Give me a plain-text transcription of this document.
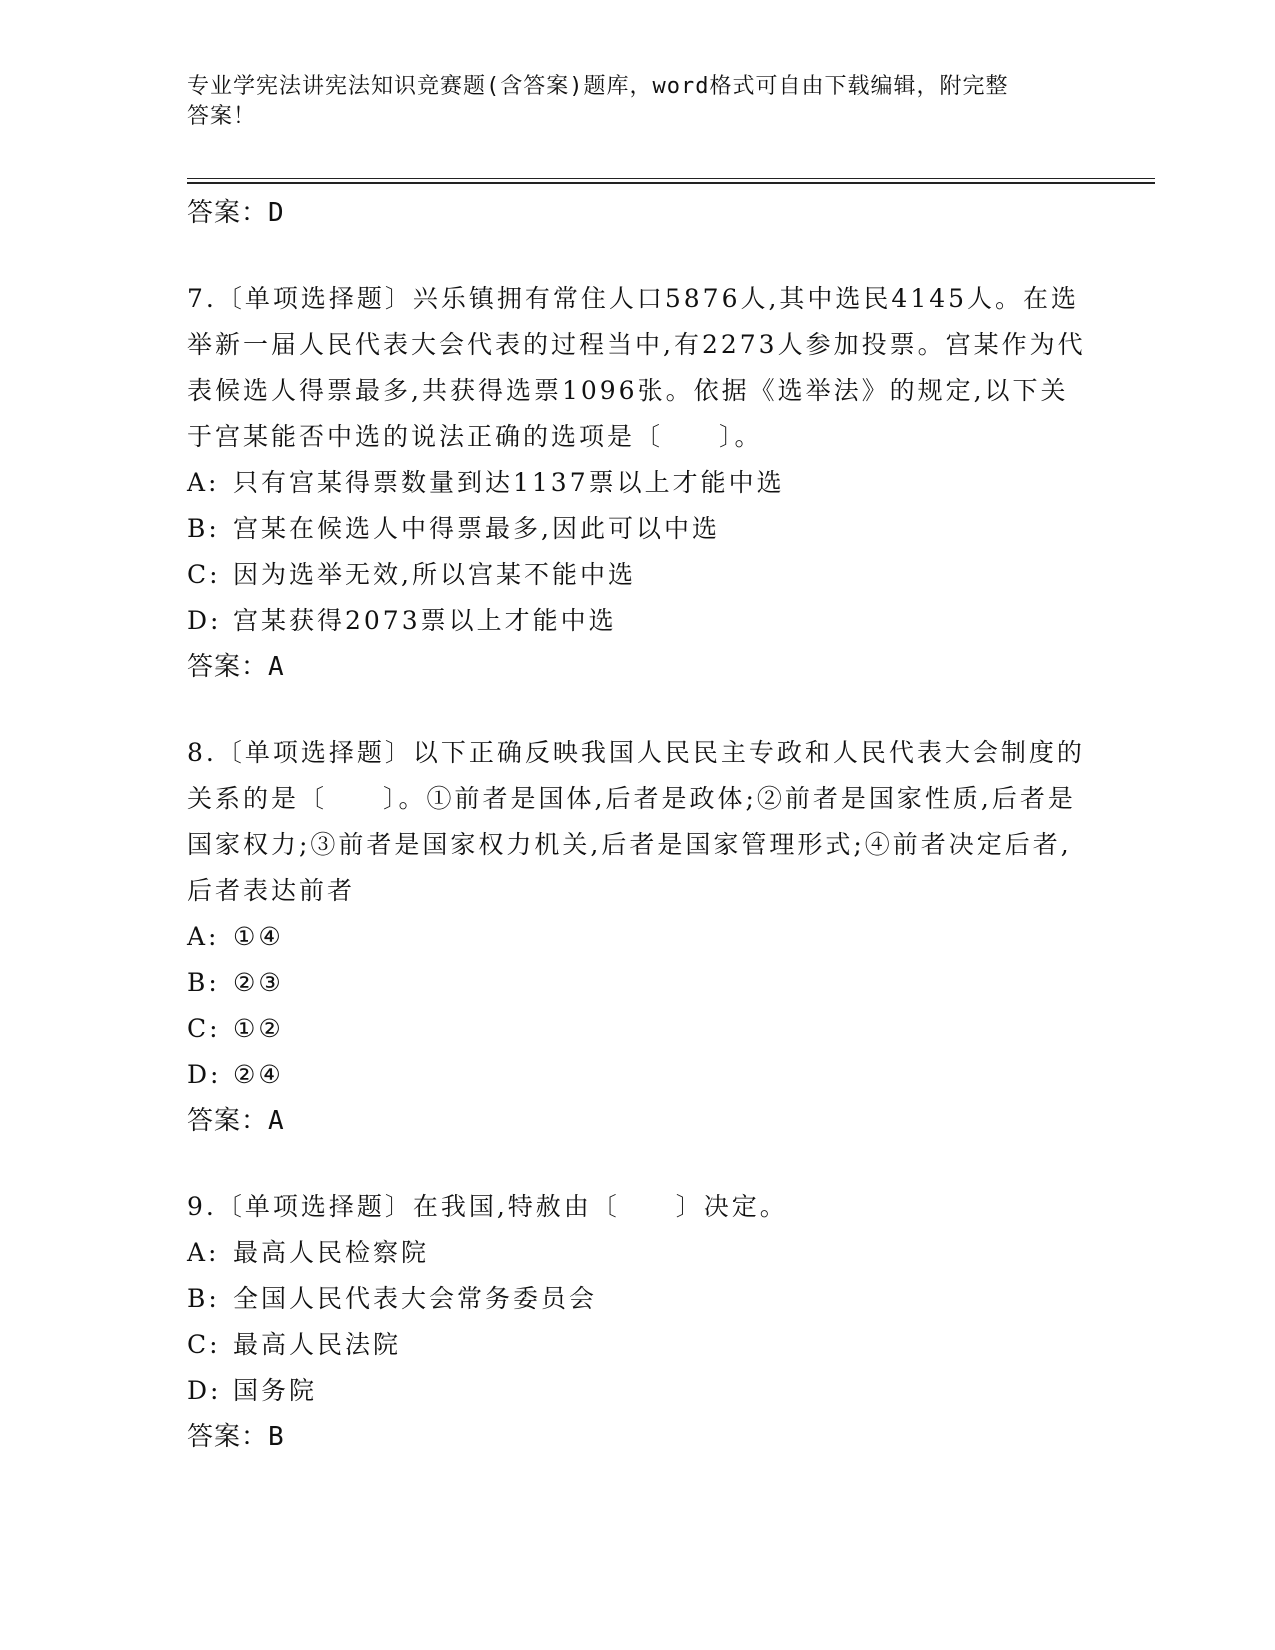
专业学宪法讲宪法知识竞赛题(含答案)题库，word格式可自由下载编辑，附完整
答案！

答案：D

7.〔单项选择题〕兴乐镇拥有常住人口5876人,其中选民4145人。在选举新一届人民代表大会代表的过程当中,有2273人参加投票。宫某作为代表候选人得票最多,共获得选票1096张。依据《选举法》的规定,以下关于宫某能否中选的说法正确的选项是〔　　〕。

A: 只有宫某得票数量到达1137票以上才能中选

B: 宫某在候选人中得票最多,因此可以中选

C: 因为选举无效,所以宫某不能中选

D: 宫某获得2073票以上才能中选

答案：A

8.〔单项选择题〕以下正确反映我国人民民主专政和人民代表大会制度的关系的是〔　　〕。①前者是国体,后者是政体;②前者是国家性质,后者是国家权力;③前者是国家权力机关,后者是国家管理形式;④前者决定后者,后者表达前者

A: ①④

B: ②③

C: ①②

D: ②④

答案：A

9.〔单项选择题〕在我国,特赦由〔　　〕决定。

A: 最高人民检察院

B: 全国人民代表大会常务委员会

C: 最高人民法院

D: 国务院

答案：B
